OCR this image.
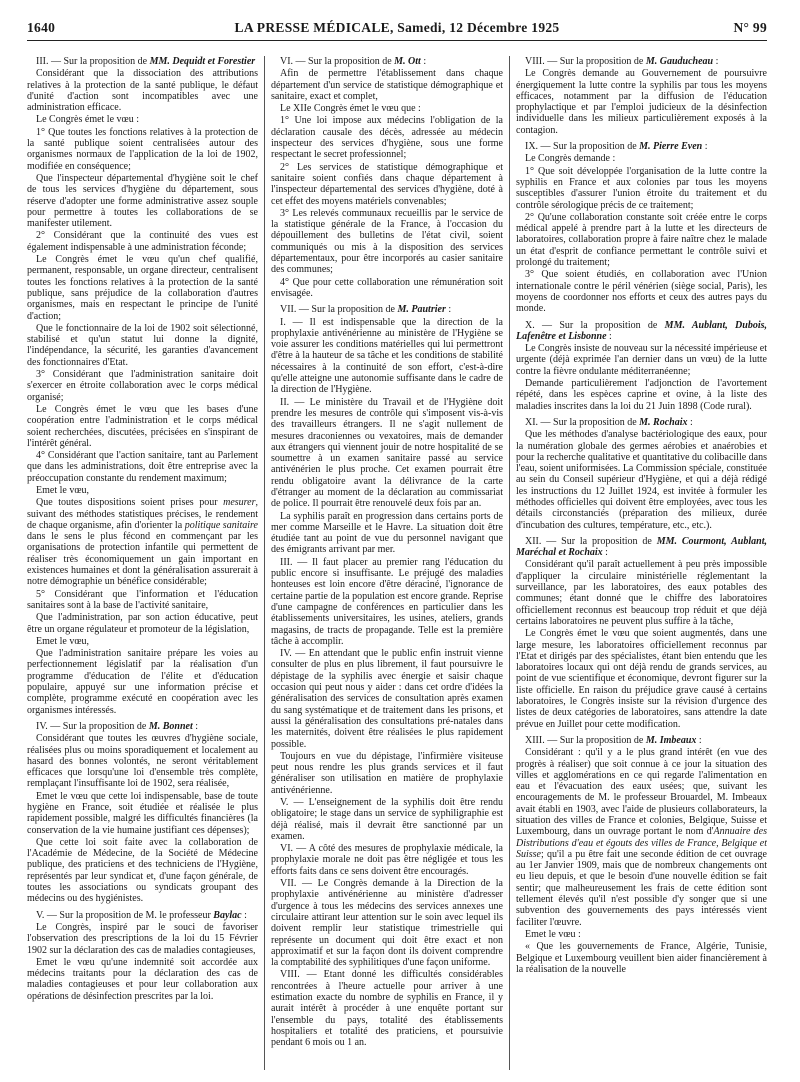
1640	LA PRESSE MÉDICALE, Samedi, 12 Décembre 1925	N° 99

III. — Sur la proposition de MM. Dequidt et Forestier

Considérant que la dissociation des attributions relatives à la protection de la santé publique, le défaut d'unité d'action sont incompatibles avec une administration efficace.

Le Congrès émet le vœu :

1° Que toutes les fonctions relatives à la protection de la santé publique soient centralisées autour des organismes normaux de l'application de la loi de 1902, modifiée en conséquence;

Que l'inspecteur départemental d'hygiène soit le chef de tous les services d'hygiène du département, sous réserve d'adopter une forme administrative assez souple pour permettre à toutes les collaborations de se manifester utilement.

2° Considérant que la continuité des vues est également indispensable à une administration féconde;

Le Congrès émet le vœu qu'un chef qualifié, permanent, responsable, un organe directeur, centralisent toutes les fonctions relatives à la protection de la santé publique, sans préjudice de la collaboration d'autres organismes, mais en respectant le principe de l'unité d'action;

Que le fonctionnaire de la loi de 1902 soit sélectionné, stabilisé et qu'un statut lui donne la dignité, l'indépendance, la sécurité, les garanties d'avancement des fonctionnaires d'Etat.

3° Considérant que l'administration sanitaire doit s'exercer en étroite collaboration avec le corps médical organisé;

Le Congrès émet le vœu que les bases d'une coopération entre l'administration et le corps médical soient recherchées, discutées, précisées en s'inspirant de l'intérêt général.

4° Considérant que l'action sanitaire, tant au Parlement que dans les administrations, doit être entreprise avec la préoccupation constante du rendement maximum;

Emet le vœu,

Que toutes dispositions soient prises pour mesurer, suivant des méthodes statistiques précises, le rendement de chaque organisme, afin d'orienter la politique sanitaire dans le sens le plus fécond en commençant par les organisations de protection infantile qui permettent de réaliser très économiquement un gain important en existences humaines et dont la généralisation assurerait à notre démographie un bénéfice considérable;

5° Considérant que l'information et l'éducation sanitaires sont à la base de l'activité sanitaire,

Que l'administration, par son action éducative, peut être un organe régulateur et promoteur de la législation,

Emet le vœu,

Que l'administration sanitaire prépare les voies au perfectionnement législatif par la réalisation d'un programme d'éducation de l'élite et d'éducation populaire, appuyé sur une information précise et complète, programme exécuté en coopération avec les organismes intéressés.

IV. — Sur la proposition de M. Bonnet :

Considérant que toutes les œuvres d'hygiène sociale, réalisées plus ou moins sporadiquement et localement au hasard des bonnes volontés, ne seront véritablement efficaces que lorsqu'une loi d'ensemble très complète, remplaçant l'insuffisante loi de 1902, sera réalisée,

Emet le vœu que cette loi indispensable, base de toute hygiène en France, soit étudiée et réalisée le plus rapidement possible, malgré les difficultés financières (la conservation de la vie humaine justifiant ces dépenses);

Que cette loi soit faite avec la collaboration de l'Académie de Médecine, de la Société de Médecine publique, des praticiens et des techniciens de l'Hygiène, représentés par leur syndicat et, d'une façon générale, de toutes les associations ou syndicats groupant des médecins ou des hygiénistes.

V. — Sur la proposition de M. le professeur Baylac :

Le Congrès, inspiré par le souci de favoriser l'observation des prescriptions de la loi du 15 Février 1902 sur la déclaration des cas de maladies contagieuses,

Emet le vœu qu'une indemnité soit accordée aux médecins traitants pour la déclaration des cas de maladies contagieuses et pour leur collaboration aux opérations de désinfection prescrites par la loi.

VI. — Sur la proposition de M. Ott :

Afin de permettre l'établissement dans chaque département d'un service de statistique démographique et sanitaire, exact et complet,

Le XIIe Congrès émet le vœu que :

1° Une loi impose aux médecins l'obligation de la déclaration causale des décès, adressée au médecin inspecteur des services d'hygiène, sous une forme respectant le secret professionnel;

2° Les services de statistique démographique et sanitaire soient confiés dans chaque département à l'inspecteur départemental des services d'hygiène, doté à cet effet des moyens matériels convenables;

3° Les relevés communaux recueillis par le service de la statistique générale de la France, à l'occasion du dépouillement des bulletins de l'état civil, soient communiqués ou mis à la disposition des services départementaux, pour être incorporés au casier sanitaire des communes;

4° Que pour cette collaboration une rémunération soit envisagée.

VII. — Sur la proposition de M. Pautrier :

I. — Il est indispensable que la direction de la prophylaxie antivénérienne au ministère de l'Hygiène se voie assurer les conditions matérielles qui lui permettront d'être à la hauteur de sa tâche et les conditions de stabilité nécessaires à la continuité de son effort, c'est-à-dire qu'elle atteigne une autonomie suffisante dans le cadre de la direction de l'Hygiène.

II. — Le ministère du Travail et de l'Hygiène doit prendre les mesures de contrôle qui s'imposent vis-à-vis des travailleurs étrangers. Il ne s'agit nullement de mesures draconiennes ou vexatoires, mais de demander aux étrangers qui viennent jouir de notre hospitalité de se soumettre à un examen sanitaire passé au service antivénérien le plus proche. Cet examen pourrait être rendu obligatoire avant la délivrance de la carte d'étranger au moment de la déclaration au commissariat de police. Il pourrait être renouvelé deux fois par an.

La syphilis paraît en progression dans certains ports de mer comme Marseille et le Havre. La situation doit être étudiée tant au point de vue du personnel navigant que des émigrants arrivant par mer.

III. — Il faut placer au premier rang l'éducation du public encore si insuffisante. Le préjugé des maladies honteuses est loin encore d'être déraciné, l'ignorance de certaine partie de la population est encore grande. Reprise d'une campagne de conférences en particulier dans les établissements universitaires, les usines, ateliers, grands magasins, de tracts de propagande. Telle est la première tâche à accomplir.

IV. — En attendant que le public enfin instruit vienne consulter de plus en plus librement, il faut poursuivre le dépistage de la syphilis avec énergie et saisir chaque occasion qui peut nous y aider : dans cet ordre d'idées la généralisation des services de consultation après examen du sang systématique et de traitement dans les prisons, et aussi la généralisation des consultations pré-natales dans les maternités, doivent être réalisées le plus rapidement possible.

Toujours en vue du dépistage, l'infirmière visiteuse peut nous rendre les plus grands services et il faut généraliser son utilisation en matière de prophylaxie antivénérienne.

V. — L'enseignement de la syphilis doit être rendu obligatoire; le stage dans un service de syphiligraphie est déjà réalisé, mais il devrait être sanctionné par un examen.

VI. — A côté des mesures de prophylaxie médicale, la prophylaxie morale ne doit pas être négligée et tous les efforts faits dans ce sens doivent être encouragés.

VII. — Le Congrès demande à la Direction de la prophylaxie antivénérienne au ministère d'adresser d'urgence à tous les médecins des services annexes une circulaire attirant leur attention sur le soin avec lequel ils doivent remplir leur statistique trimestrielle qui représente un document qui doit être exact et non approximatif et sur la façon dont ils doivent comprendre la comptabilité des syphilitiques d'une façon uniforme.

VIII. — Etant donné les difficultés considérables rencontrées à l'heure actuelle pour arriver à une estimation exacte du nombre de syphilis en France, il y aurait intérêt à procéder à une enquête portant sur l'ensemble du pays, totalité des établissements hospitaliers et totalité des praticiens, et poursuivie pendant 6 mois ou 1 an.

VIII. — Sur la proposition de M. Gauducheau :

Le Congrès demande au Gouvernement de poursuivre énergiquement la lutte contre la syphilis par tous les moyens efficaces, notamment par la diffusion de l'éducation prophylactique et par l'emploi judicieux de la désinfection individuelle dans les milieux particulièrement exposés à la contagion.

IX. — Sur la proposition de M. Pierre Even :

Le Congrès demande :

1° Que soit développée l'organisation de la lutte contre la syphilis en France et aux colonies par tous les moyens susceptibles d'assurer l'union étroite du traitement et du contrôle sérologique précis de ce traitement;

2° Qu'une collaboration constante soit créée entre le corps médical appelé à prendre part à la lutte et les directeurs de laboratoires, collaboration propre à faire naître chez le malade un état d'esprit de confiance permettant le contrôle suivi et prolongé du traitement;

3° Que soient étudiés, en collaboration avec l'Union internationale contre le péril vénérien (siège social, Paris), les moyens de coordonner nos efforts et ceux des autres pays du monde.

X. — Sur la proposition de MM. Aublant, Dubois, Lafenêtre et Lisbonne :

Le Congrès insiste de nouveau sur la nécessité impérieuse et urgente (déjà exprimée l'an dernier dans un vœu) de la lutte contre la fièvre ondulante méditerranéenne;

Demande particulièrement l'adjonction de l'avortement répété, dans les espèces caprine et ovine, à la liste des maladies inscrites dans la loi du 21 Juin 1898 (Code rural).

XI. — Sur la proposition de M. Rochaix :

Que les méthodes d'analyse bactériologique des eaux, pour la numération globale des germes aérobies et anaérobies et pour la recherche qualitative et quantitative du colibacille dans l'eau, soient uniformisées. La Commission spéciale, constituée au sein du Conseil supérieur d'Hygiène, et qui a déjà rédigé les instructions du 12 Juillet 1924, est invitée à formuler les méthodes officielles qui doivent être employées, avec tous les détails circonstanciés (préparation des milieux, durée d'incubation des cultures, température, etc., etc.).

XII. — Sur la proposition de MM. Courmont, Aublant, Maréchal et Rochaix :

Considérant qu'il paraît actuellement à peu près impossible d'appliquer la circulaire ministérielle réglementant la surveillance, par les laboratoires, des eaux potables des communes; étant donné que le chiffre des laboratoires officiellement reconnus est beaucoup trop réduit et que déjà certains laboratoires ne peuvent plus suffire à la tâche,

Le Congrès émet le vœu que soient augmentés, dans une large mesure, les laboratoires officiellement reconnus par l'Etat et dirigés par des spécialistes, étant bien entendu que les laboratoires locaux qui ont déjà rendu de grands services, au point de vue scientifique et économique, devront figurer sur la liste officielle. En raison du préjudice grave causé à certains laboratoires, le Congrès insiste sur la révision d'urgence des listes de deux catégories de laboratoires, sans attendre la date prévue en Juillet pour cette modification.

XIII. — Sur la proposition de M. Imbeaux :

Considérant : qu'il y a le plus grand intérêt (en vue des progrès à réaliser) que soit connue à ce jour la situation des villes et agglomérations en ce qui regarde l'alimentation en eau et l'évacuation des eaux usées; que, suivant les encouragements de M. le professeur Brouardel, M. Imbeaux avait établi en 1903, avec l'aide de plusieurs collaborateurs, la situation des villes de France et colonies, Belgique, Suisse et Luxembourg, dans un ouvrage portant le nom d'Annuaire des Distributions d'eau et égouts des villes de France, Belgique et Suisse; qu'il a pu être fait une seconde édition de cet ouvrage au 1er Janvier 1909, mais que de nombreux changements ont eu lieu depuis, et que le besoin d'une nouvelle édition se fait sentir; que malheureusement les frais de cette édition sont tellement élevés qu'il n'est possible d'y songer que si une subvention des gouvernements des pays intéressés vient faciliter l'œuvre.

Emet le vœu :

« Que les gouvernements de France, Algérie, Tunisie, Belgique et Luxembourg veuillent bien aider financièrement à la réalisation de la nouvelle
